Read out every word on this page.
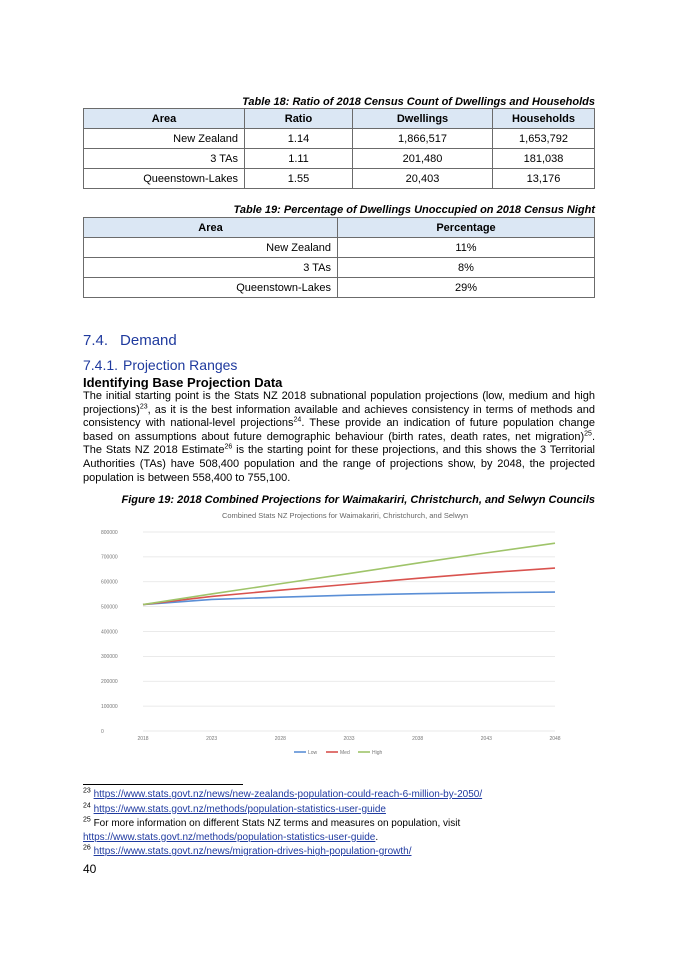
Table 18: Ratio of 2018 Census Count of Dwellings and Households
Area	Ratio	Dwellings	Households
New Zealand	1.14	1,866,517	1,653,792
3 TAs	1.11	201,480	181,038
Queenstown-Lakes	1.55	20,403	13,176
Table 19: Percentage of Dwellings Unoccupied on 2018 Census Night
Area	Percentage
New Zealand	11%
3 TAs	8%
Queenstown-Lakes	29%
7.4. Demand
7.4.1. Projection Ranges
Identifying Base Projection Data
The initial starting point is the Stats NZ 2018 subnational population projections (low, medium and high projections)$^{23}$, as it is the best information available and achieves consistency in terms of methods and consistency with national-level projections$^{24}$. These provide an indication of future population change based on assumptions about future demographic behaviour (birth rates, death rates, net migration)$^{25}$. The Stats NZ 2018 Estimate$^{26}$ is the starting point for these projections, and this shows the 3 Territorial Authorities (TAs) have 508,400 population and the range of projections show, by 2048, the projected population is between 558,400 to 755,100.
Figure 19: 2018 Combined Projections for Waimakariri, Christchurch, and Selwyn Councils
Combined Stats NZ Projections for Waimakariri, Christchurch, and Selwyn
0
100000
200000
300000
400000
500000
600000
700000
800000
2018	2023	2028	2033	2038	2043	2048
Low	Med	High
$^{23}$ https://www.stats.govt.nz/news/new-zealands-population-could-reach-6-million-by-2050/
$^{24}$ https://www.stats.govt.nz/methods/population-statistics-user-guide
$^{25}$ For more information on different Stats NZ terms and measures on population, visit
https://www.stats.govt.nz/methods/population-statistics-user-guide.
$^{26}$ https://www.stats.govt.nz/news/migration-drives-high-population-growth/
40
